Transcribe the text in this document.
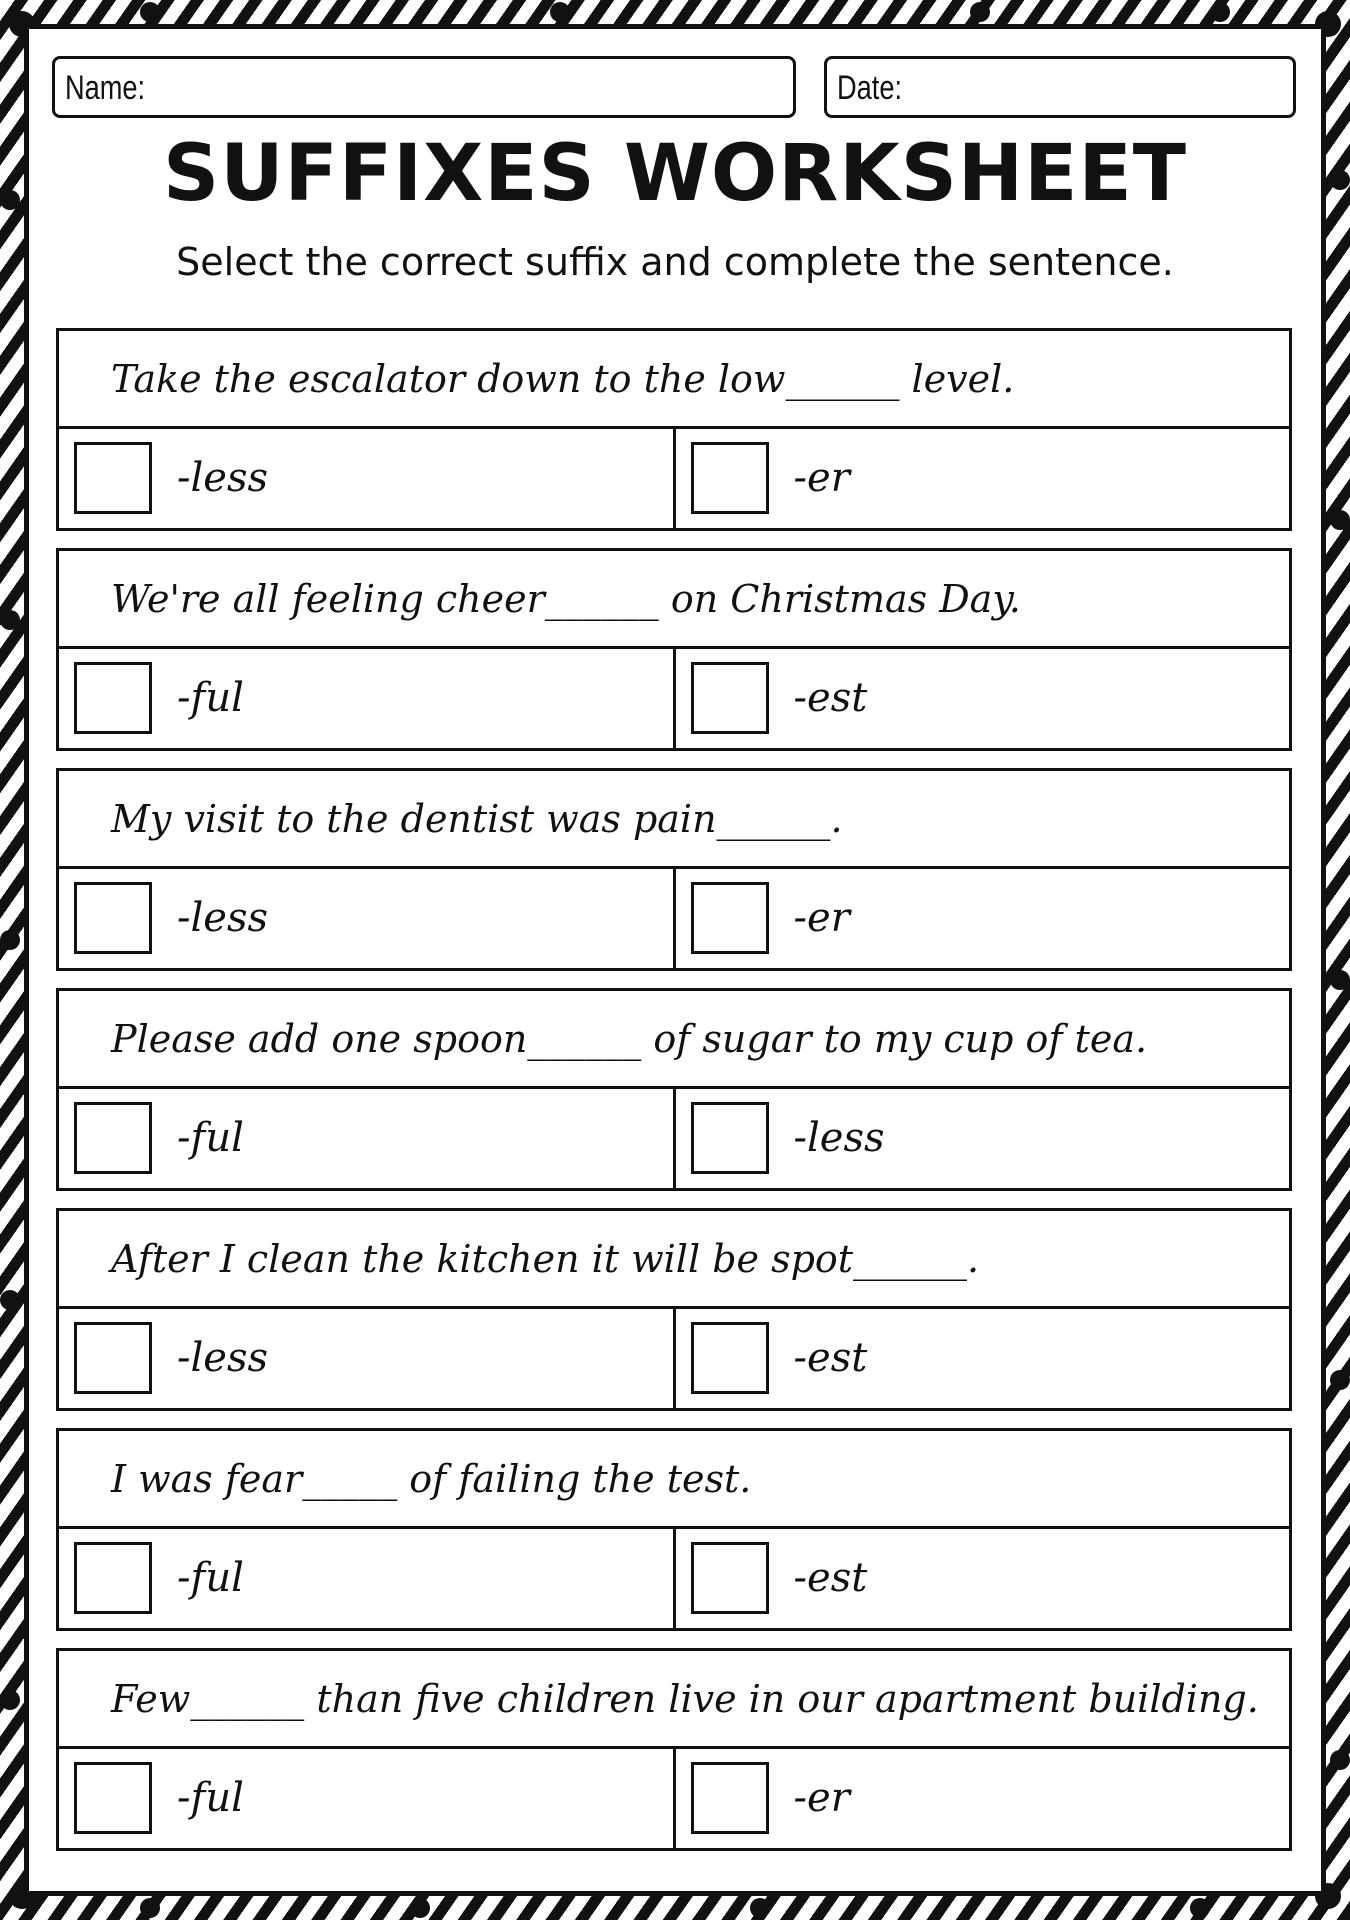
Name:	Date:
SUFFIXES WORKSHEET
Select the correct suffix and complete the sentence.
Take the escalator down to the low______ level.
-less	-er
We're all feeling cheer______ on Christmas Day.
-ful	-est
My visit to the dentist was pain______.
-less	-er
Please add one spoon______ of sugar to my cup of tea.
-ful	-less
After I clean the kitchen it will be spot______.
-less	-est
I was fear_____ of failing the test.
-ful	-est
Few______ than five children live in our apartment building.
-ful	-er
